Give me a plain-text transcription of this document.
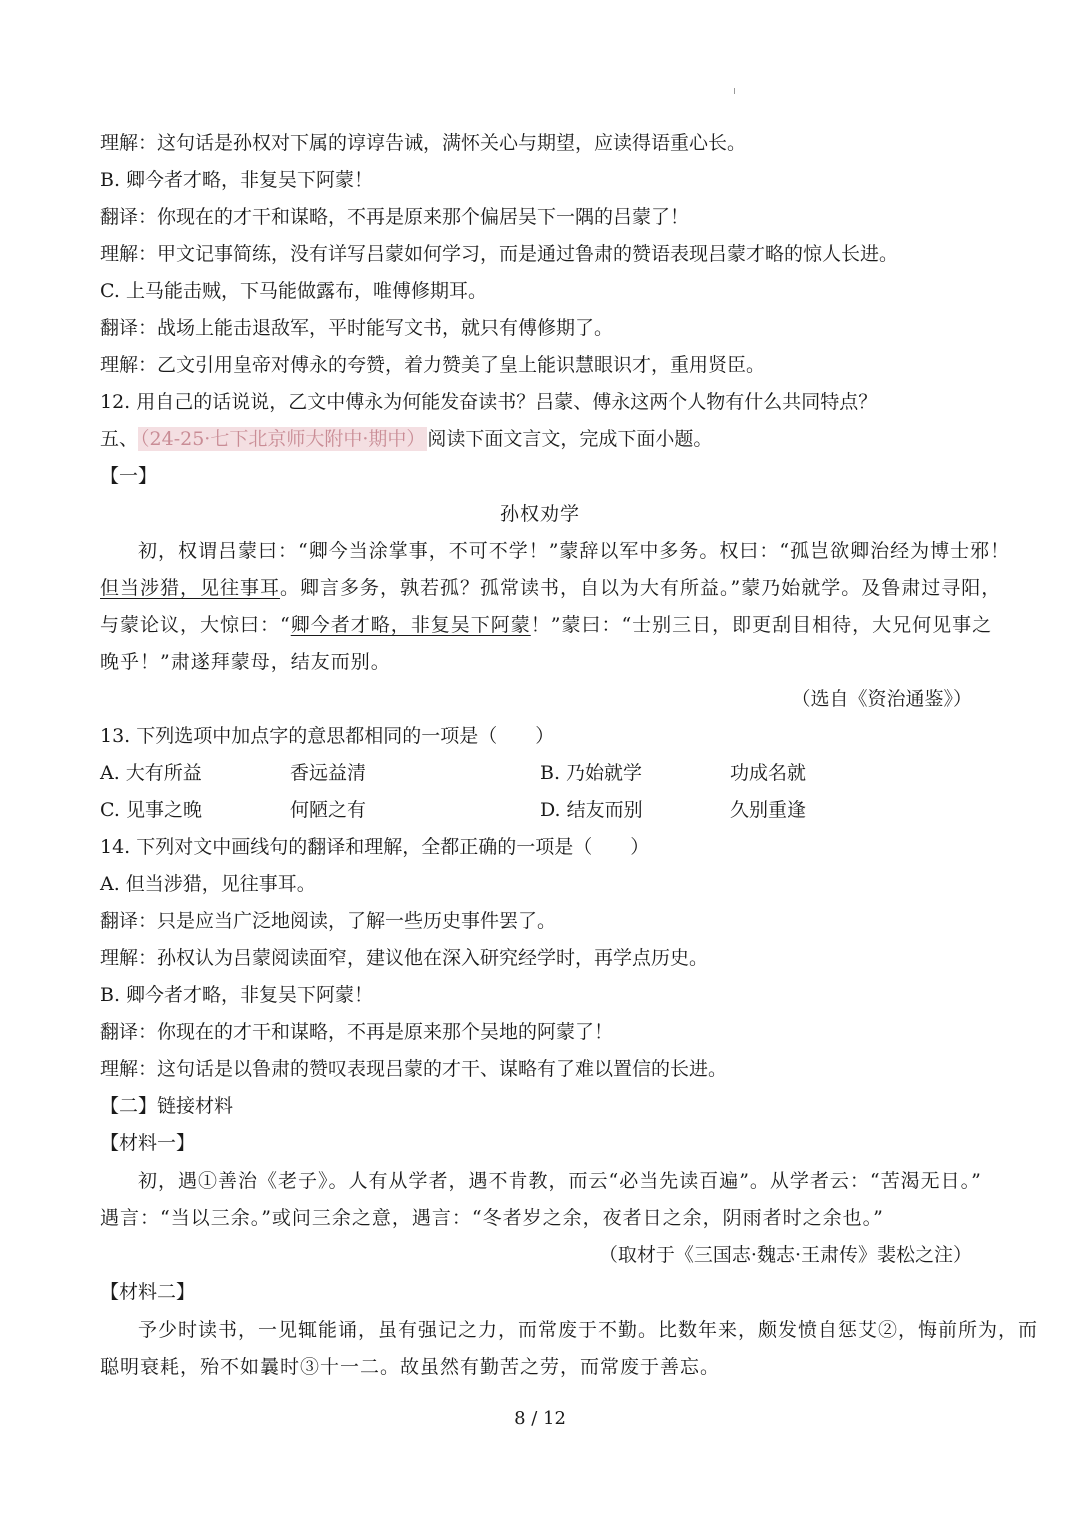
理解：这句话是孙权对下属的谆谆告诫，满怀关心与期望，应读得语重心长。
B. 卿今者才略，非复吴下阿蒙！
翻译：你现在的才干和谋略，不再是原来那个偏居吴下一隅的吕蒙了！
理解：甲文记事简练，没有详写吕蒙如何学习，而是通过鲁肃的赞语表现吕蒙才略的惊人长进。
C. 上马能击贼，下马能做露布，唯傅修期耳。
翻译：战场上能击退敌军，平时能写文书，就只有傅修期了。
理解：乙文引用皇帝对傅永的夸赞，着力赞美了皇上能识慧眼识才，重用贤臣。
12. 用自己的话说说，乙文中傅永为何能发奋读书？吕蒙、傅永这两个人物有什么共同特点？
五、 （24-25·七下北京师大附中·期中） 阅读下面文言文，完成下面小题。
【一】
孙权劝学
初，权谓吕蒙曰：“卿今当涂掌事，不可不学！”蒙辞以军中多务。权曰：“孤岂欲卿治经为博士邪！
但当涉猎，见往事耳。卿言多务，孰若孤？孤常读书，自以为大有所益。”蒙乃始就学。及鲁肃过寻阳，
与蒙论议，大惊曰：“卿今者才略，非复吴下阿蒙！”蒙曰：“士别三日，即更刮目相待，大兄何见事之
晚乎！”肃遂拜蒙母，结友而别。
（选自《资治通鉴》）
13. 下列选项中加点字的意思都相同的一项是（　　）
A. 大有所益	香远益清	B. 乃始就学	功成名就
C. 见事之晚	何陋之有	D. 结友而别	久别重逢
14. 下列对文中画线句的翻译和理解，全都正确的一项是（　　）
A. 但当涉猎，见往事耳。
翻译：只是应当广泛地阅读，了解一些历史事件罢了。
理解：孙权认为吕蒙阅读面窄，建议他在深入研究经学时，再学点历史。
B. 卿今者才略，非复吴下阿蒙！
翻译：你现在的才干和谋略，不再是原来那个吴地的阿蒙了！
理解：这句话是以鲁肃的赞叹表现吕蒙的才干、谋略有了难以置信的长进。
【二】链接材料
【材料一】
初，遇①善治《老子》。人有从学者，遇不肯教，而云“必当先读百遍”。从学者云：“苦渴无日。”
遇言：“当以三余。”或问三余之意，遇言：“冬者岁之余，夜者日之余，阴雨者时之余也。”
（取材于《三国志·魏志·王肃传》裴松之注）
【材料二】
予少时读书，一见辄能诵，虽有强记之力，而常废于不勤。比数年来，颇发愤自惩艾②，悔前所为，而
聪明衰耗，殆不如曩时③十一二。故虽然有勤苦之劳，而常废于善忘。
8 / 12
